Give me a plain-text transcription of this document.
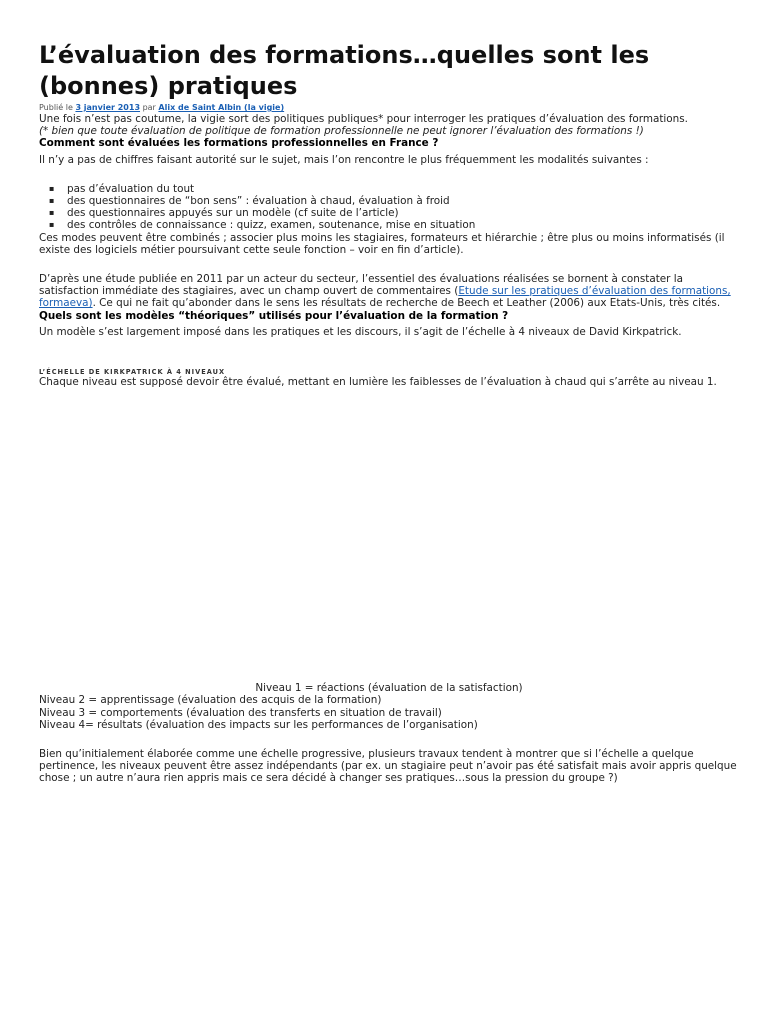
L’évaluation des formations…quelles sont les (bonnes) pratiques
Publié le 3 janvier 2013 par Alix de Saint Albin (la vigie)

Une fois n’est pas coutume, la vigie sort des politiques publiques* pour interroger les pratiques d’évaluation des formations.

(* bien que toute évaluation de politique de formation professionnelle ne peut ignorer l’évaluation des formations !)

Comment sont évaluées les formations professionnelles en France ?

Il n’y a pas de chiffres faisant autorité sur le sujet, mais l’on rencontre le plus fréquemment les modalités suivantes :

▪ pas d’évaluation du tout
▪ des questionnaires de “bon sens” : évaluation à chaud, évaluation à froid
▪ des questionnaires appuyés sur un modèle (cf suite de l’article)
▪ des contrôles de connaissance : quizz, examen, soutenance, mise en situation

Ces modes peuvent être combinés ; associer plus moins les stagiaires, formateurs et hiérarchie ; être plus ou moins informatisés (il existe des logiciels métier poursuivant cette seule fonction – voir en fin d’article).

D’après une étude publiée en 2011 par un acteur du secteur, l’essentiel des évaluations réalisées se bornent à constater la satisfaction immédiate des stagiaires, avec un champ ouvert de commentaires (Etude sur les pratiques d’évaluation des formations, formaeva). Ce qui ne fait qu’abonder dans le sens les résultats de recherche de Beech et Leather (2006) aux Etats-Unis, très cités.

Quels sont les modèles “théoriques” utilisés pour l’évaluation de la formation ?

Un modèle s’est largement imposé dans les pratiques et les discours, il s’agit de l’échelle à 4 niveaux de David Kirkpatrick.

L’ÉCHELLE DE KIRKPATRICK À 4 NIVEAUX

Chaque niveau est supposé devoir être évalué, mettant en lumière les faiblesses de l’évaluation à chaud qui s’arrête au niveau 1.

Niveau 1 = réactions (évaluation de la satisfaction)

Niveau 2 = apprentissage (évaluation des acquis de la formation)

Niveau 3 = comportements (évaluation des transferts en situation de travail)

Niveau 4= résultats (évaluation des impacts sur les performances de l’organisation)

Bien qu’initialement élaborée comme une échelle progressive, plusieurs travaux tendent à montrer que si l’échelle a quelque pertinence, les niveaux peuvent être assez indépendants (par ex. un stagiaire peut n’avoir pas été satisfait mais avoir appris quelque chose ; un autre n’aura rien appris mais ce sera décidé à changer ses pratiques…sous la pression du groupe ?)
